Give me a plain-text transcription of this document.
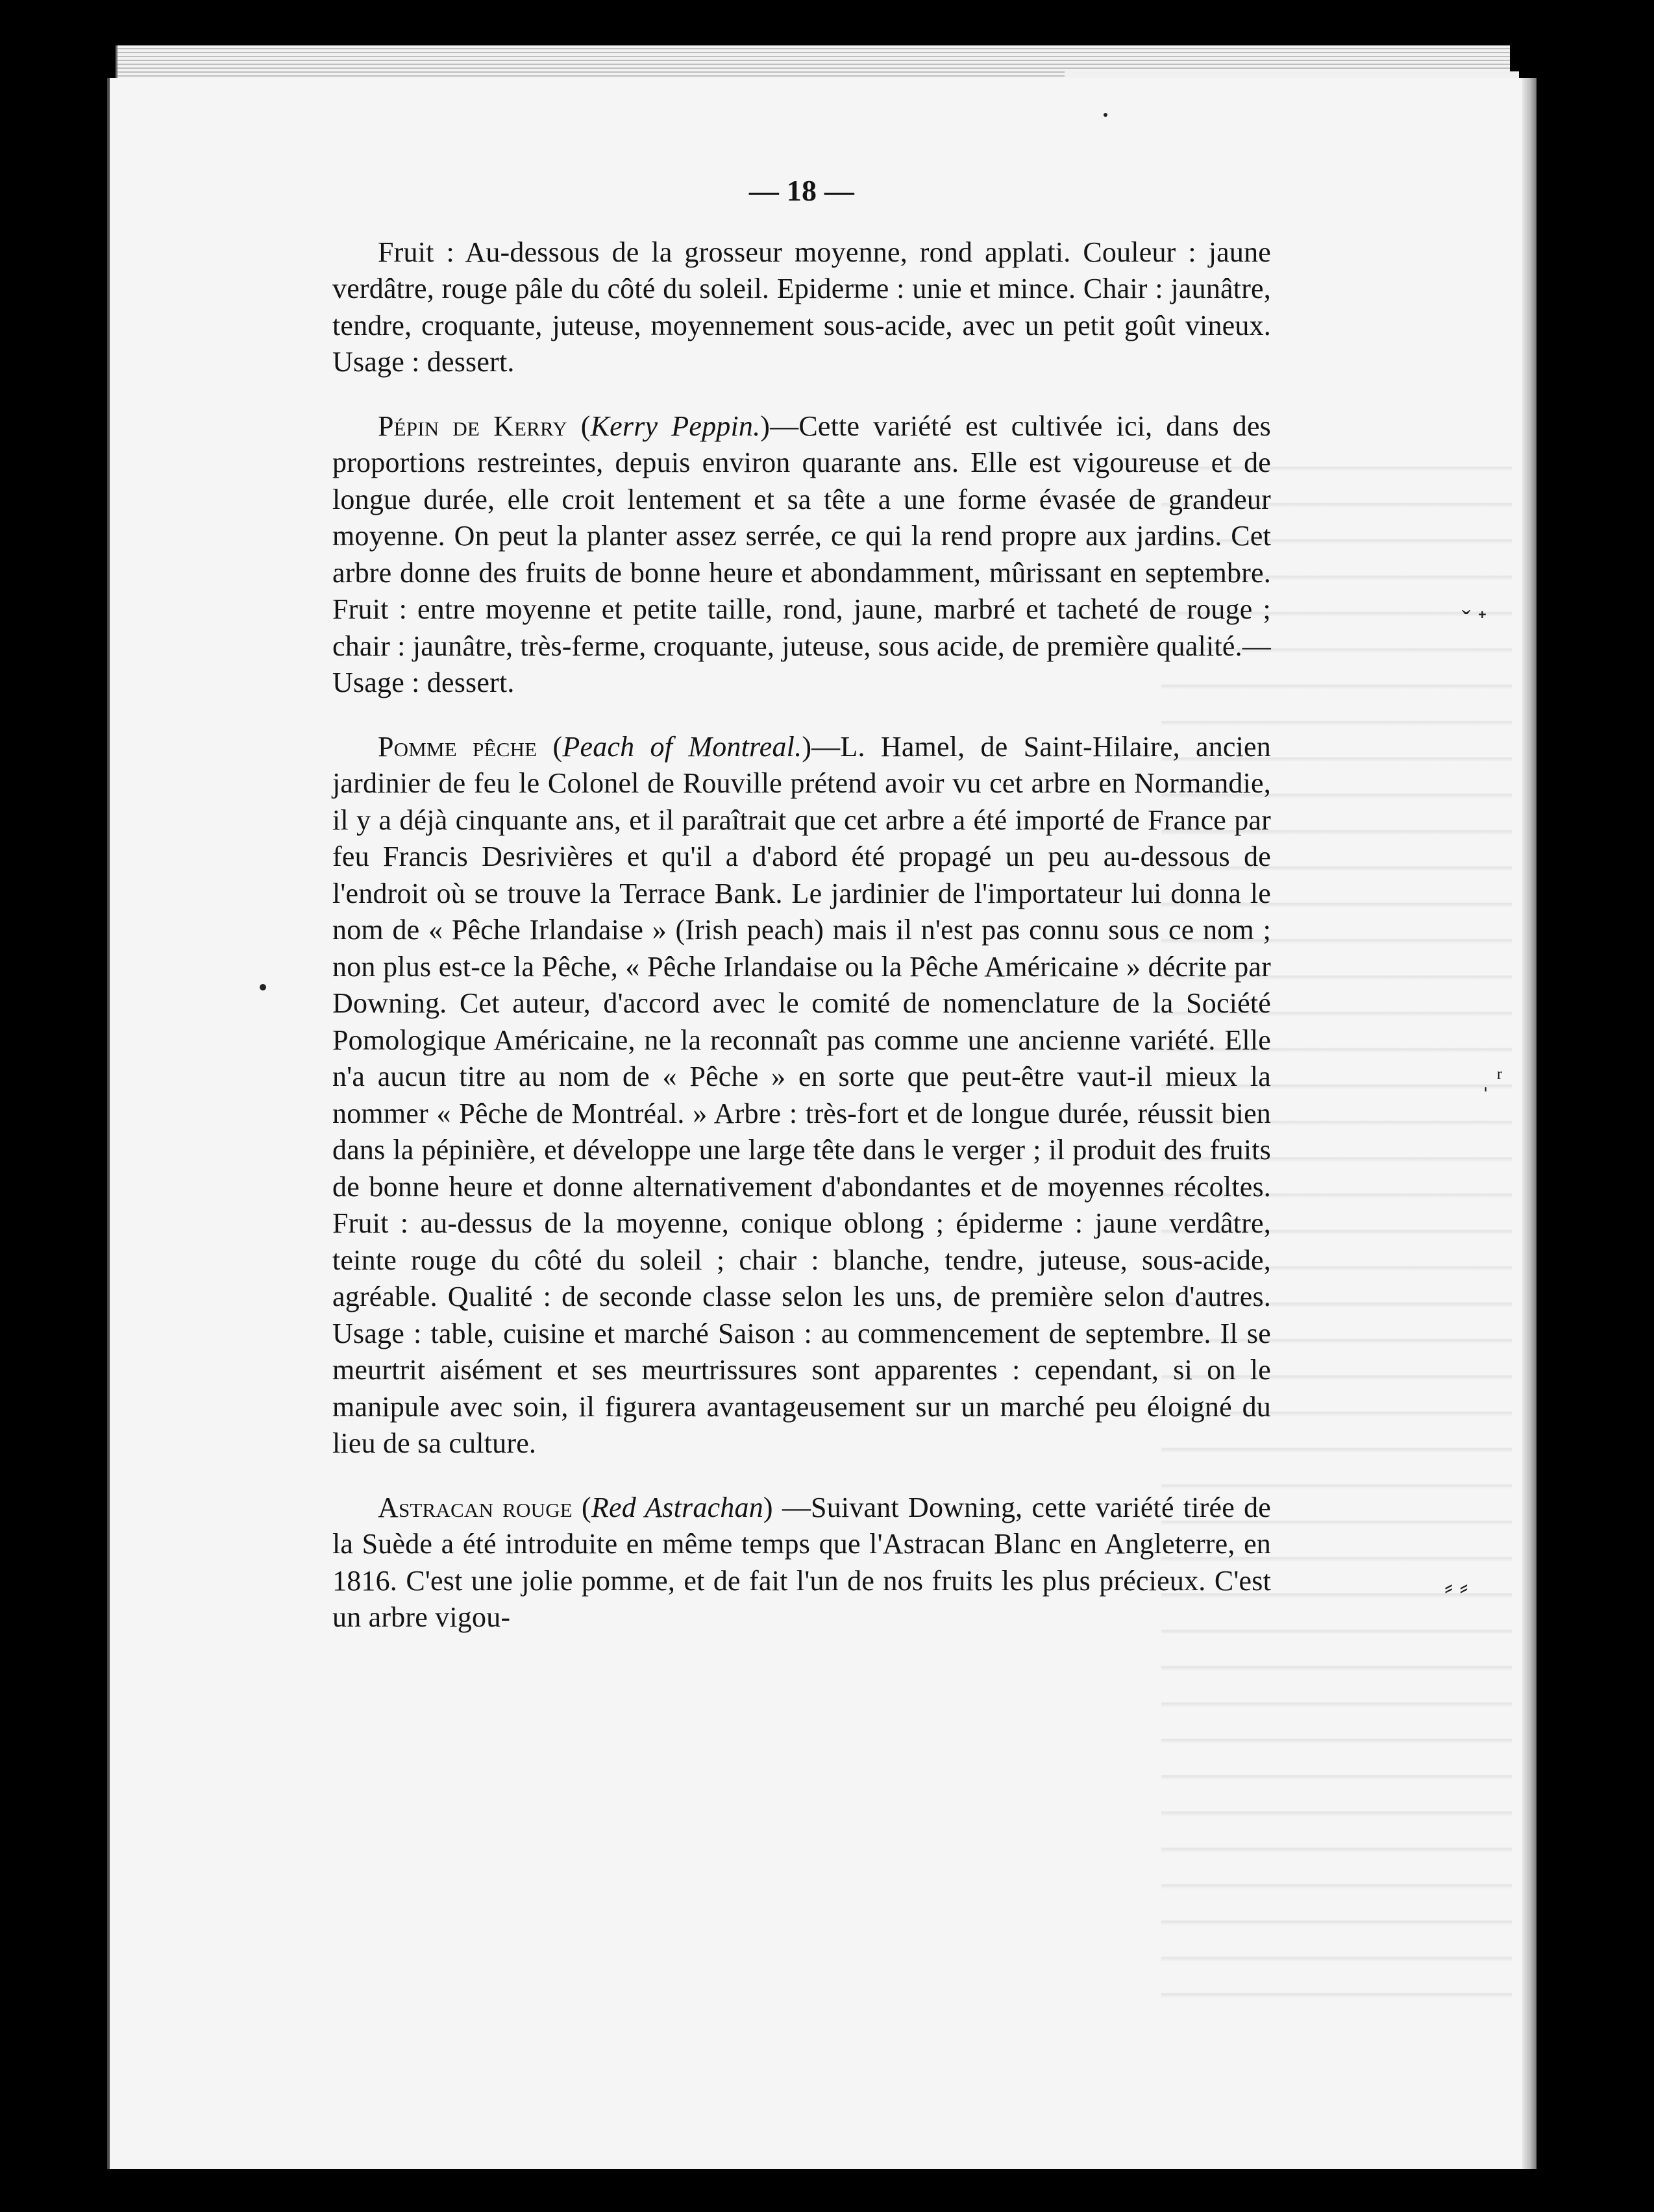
— 18 —

Fruit : Au-dessous de la grosseur moyenne, rond applati. Couleur : jaune verdâtre, rouge pâle du côté du soleil. Epiderme : unie et mince. Chair : jaunâtre, tendre, croquante, juteuse, moyennement sous-acide, avec un petit goût vineux. Usage : dessert.

Pépin de Kerry (Kerry Peppin.)—Cette variété est cultivée ici, dans des proportions restreintes, depuis environ quarante ans. Elle est vigoureuse et de longue durée, elle croit lentement et sa tête a une forme évasée de grandeur moyenne. On peut la planter assez serrée, ce qui la rend propre aux jardins. Cet arbre donne des fruits de bonne heure et abondamment, mûrissant en septembre. Fruit : entre moyenne et petite taille, rond, jaune, marbré et tacheté de rouge ; chair : jaunâtre, très-ferme, croquante, juteuse, sous acide, de première qualité.—Usage : dessert.

Pomme pêche (Peach of Montreal.)—L. Hamel, de Saint-Hilaire, ancien jardinier de feu le Colonel de Rouville prétend avoir vu cet arbre en Normandie, il y a déjà cinquante ans, et il paraîtrait que cet arbre a été importé de France par feu Francis Desrivières et qu'il a d'abord été propagé un peu au-dessous de l'endroit où se trouve la Terrace Bank. Le jardinier de l'importateur lui donna le nom de « Pêche Irlandaise » (Irish peach) mais il n'est pas connu sous ce nom ; non plus est-ce la Pêche, « Pêche Irlandaise ou la Pêche Américaine » décrite par Downing. Cet auteur, d'accord avec le comité de nomenclature de la Société Pomologique Américaine, ne la reconnaît pas comme une ancienne variété. Elle n'a aucun titre au nom de « Pêche » en sorte que peut-être vaut-il mieux la nommer « Pêche de Montréal. » Arbre : très-fort et de longue durée, réussit bien dans la pépinière, et développe une large tête dans le verger ; il produit des fruits de bonne heure et donne alternativement d'abondantes et de moyennes récoltes. Fruit : au-dessus de la moyenne, conique oblong ; épiderme : jaune verdâtre, teinte rouge du côté du soleil ; chair : blanche, tendre, juteuse, sous-acide, agréable. Qualité : de seconde classe selon les uns, de première selon d'autres. Usage : table, cuisine et marché Saison : au commencement de septembre. Il se meurtrit aisément et ses meurtrissures sont apparentes : cependant, si on le manipule avec soin, il figurera avantageusement sur un marché peu éloigné du lieu de sa culture.

Astracan rouge (Red Astrachan) —Suivant Downing, cette variété tirée de la Suède a été introduite en même temps que l'Astracan Blanc en Angleterre, en 1816. C'est une jolie pomme, et de fait l'un de nos fruits les plus précieux. C'est un arbre vigou-

ˇ ᐩ
ˌ ʳ
⸗ ⸗
